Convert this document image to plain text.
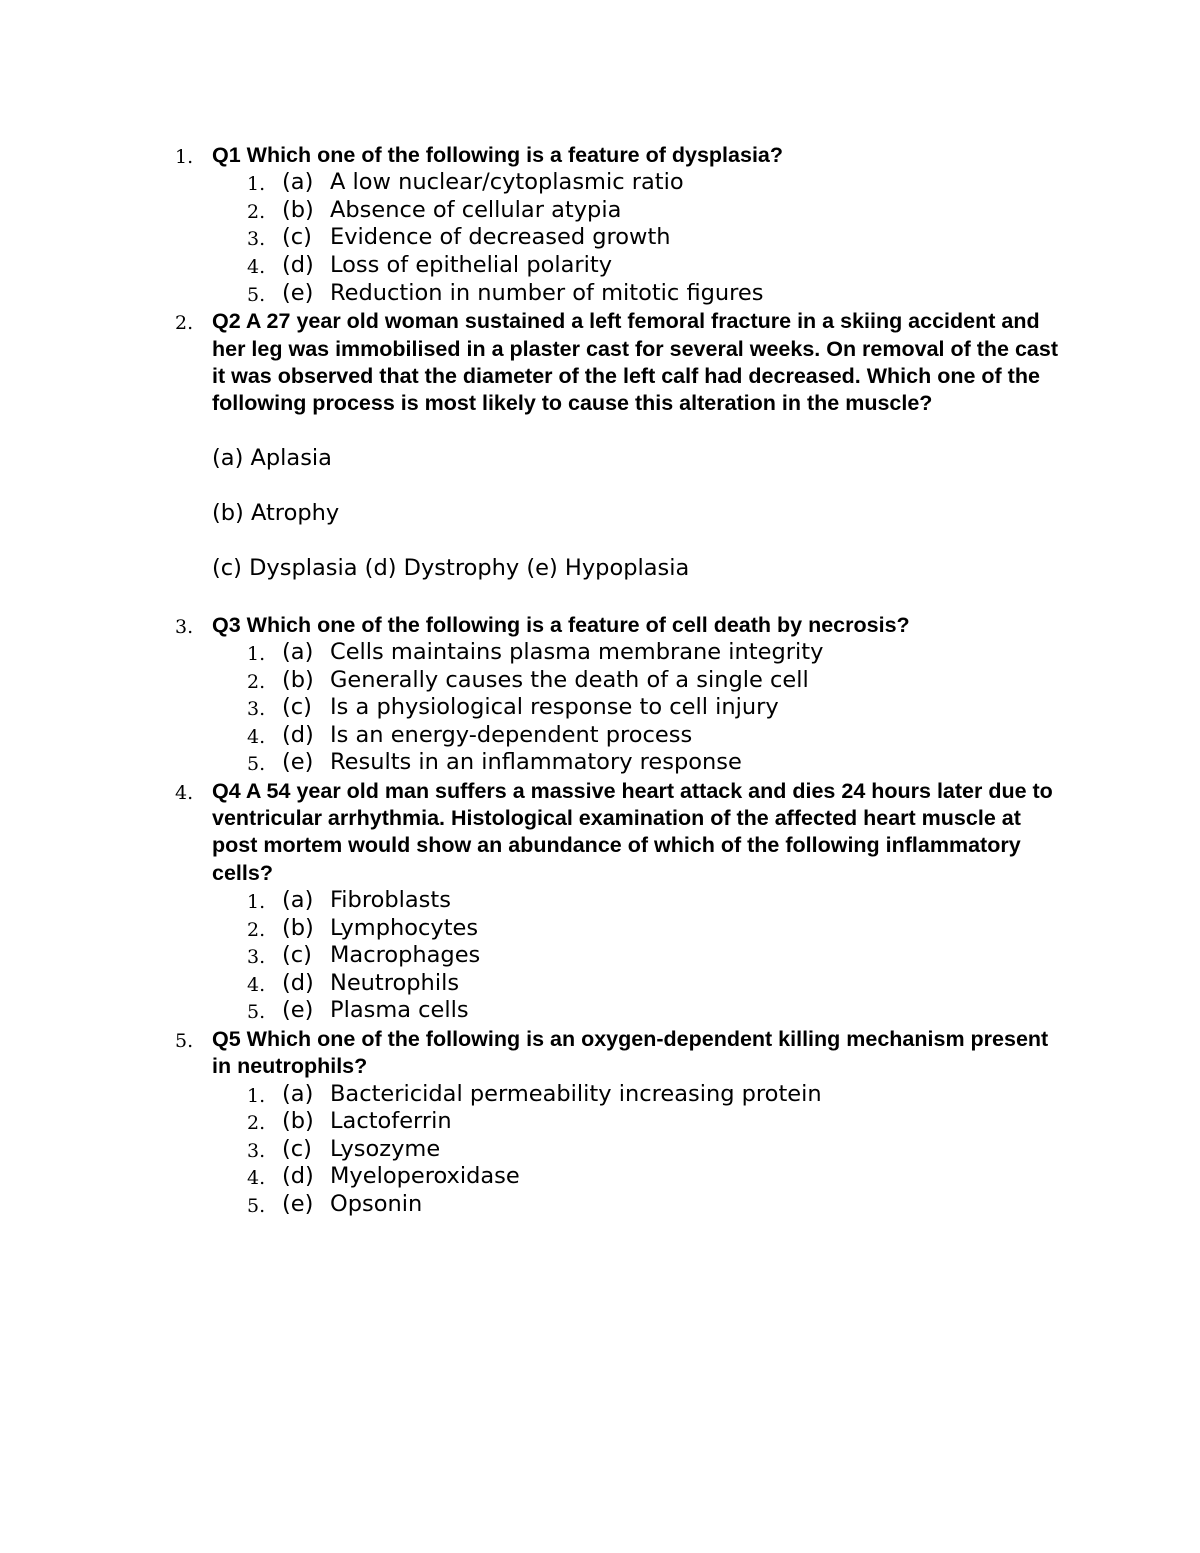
1. Q1 Which one of the following is a feature of dysplasia?
1. (a) A low nuclear/cytoplasmic ratio
2. (b) Absence of cellular atypia
3. (c) Evidence of decreased growth
4. (d) Loss of epithelial polarity
5. (e) Reduction in number of mitotic figures
2. Q2 A 27 year old woman sustained a left femoral fracture in a skiing accident and her leg was immobilised in a plaster cast for several weeks. On removal of the cast it was observed that the diameter of the left calf had decreased. Which one of the following process is most likely to cause this alteration in the muscle?
(a) Aplasia
(b) Atrophy
(c) Dysplasia (d) Dystrophy (e) Hypoplasia
3. Q3 Which one of the following is a feature of cell death by necrosis?
1. (a) Cells maintains plasma membrane integrity
2. (b) Generally causes the death of a single cell
3. (c) Is a physiological response to cell injury
4. (d) Is an energy-dependent process
5. (e) Results in an inflammatory response
4. Q4 A 54 year old man suffers a massive heart attack and dies 24 hours later due to ventricular arrhythmia. Histological examination of the affected heart muscle at post mortem would show an abundance of which of the following inflammatory cells?
1. (a) Fibroblasts
2. (b) Lymphocytes
3. (c) Macrophages
4. (d) Neutrophils
5. (e) Plasma cells
5. Q5 Which one of the following is an oxygen-dependent killing mechanism present in neutrophils?
1. (a) Bactericidal permeability increasing protein
2. (b) Lactoferrin
3. (c) Lysozyme
4. (d) Myeloperoxidase
5. (e) Opsonin
